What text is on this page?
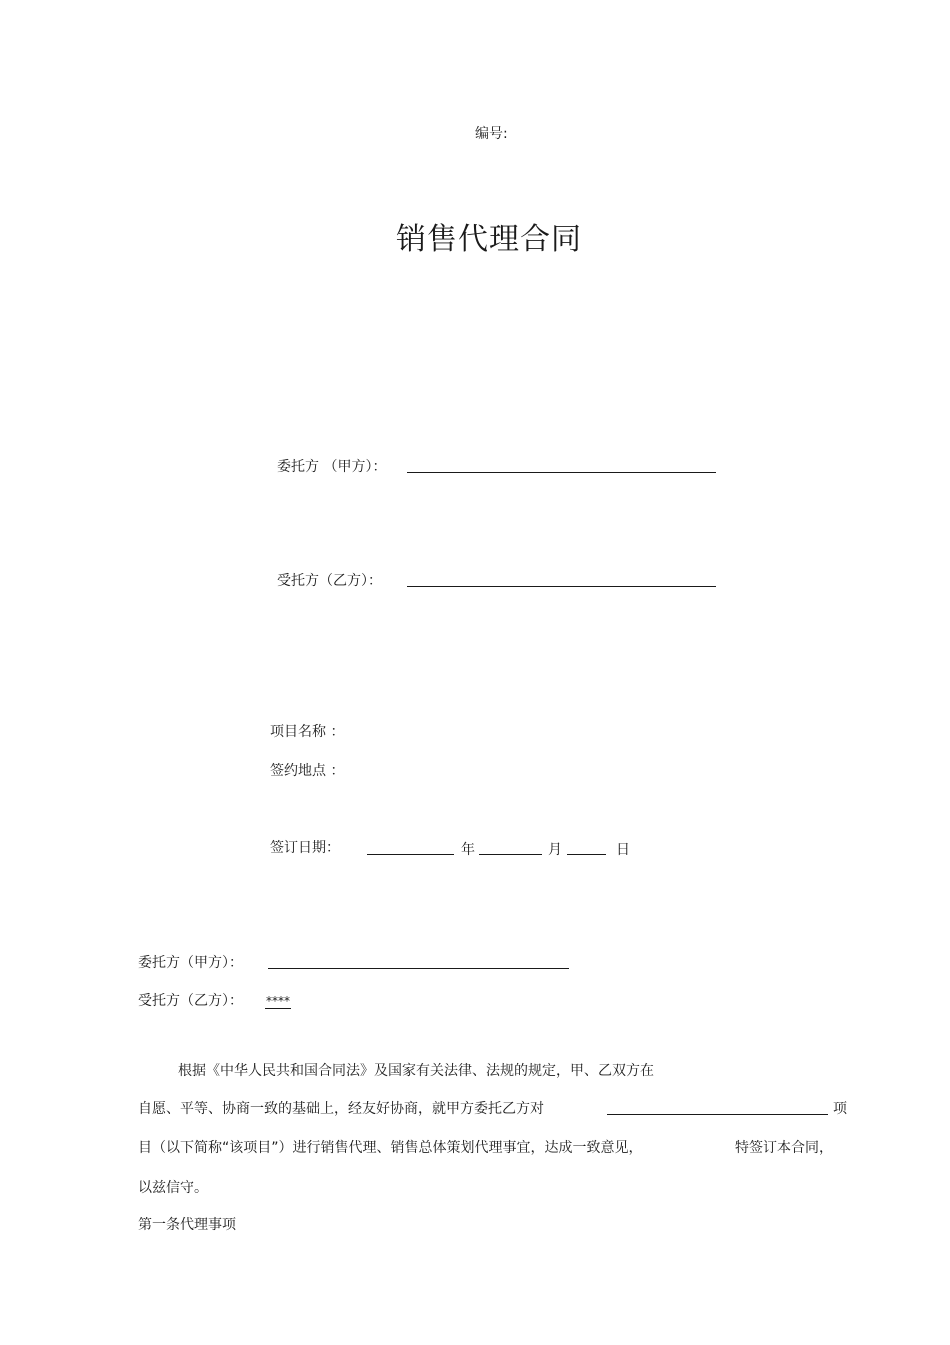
编号:
销售代理合同
委托方 （甲方）：
受托方（乙方）：
项目名称 ：
签约地点 ：
签订日期：	年	月	日
委托方（甲方）：
受托方（乙方）： ****
根据《中华人民共和国合同法》及国家有关法律、法规的规定，甲、乙双方在
自愿、平等、协商一致的基础上，经友好协商，就甲方委托乙方对	项
目（以下简称“该项目”）进行销售代理、销售总体策划代理事宜，达成一致意见，	特签订本合同，
以兹信守。
第一条代理事项
